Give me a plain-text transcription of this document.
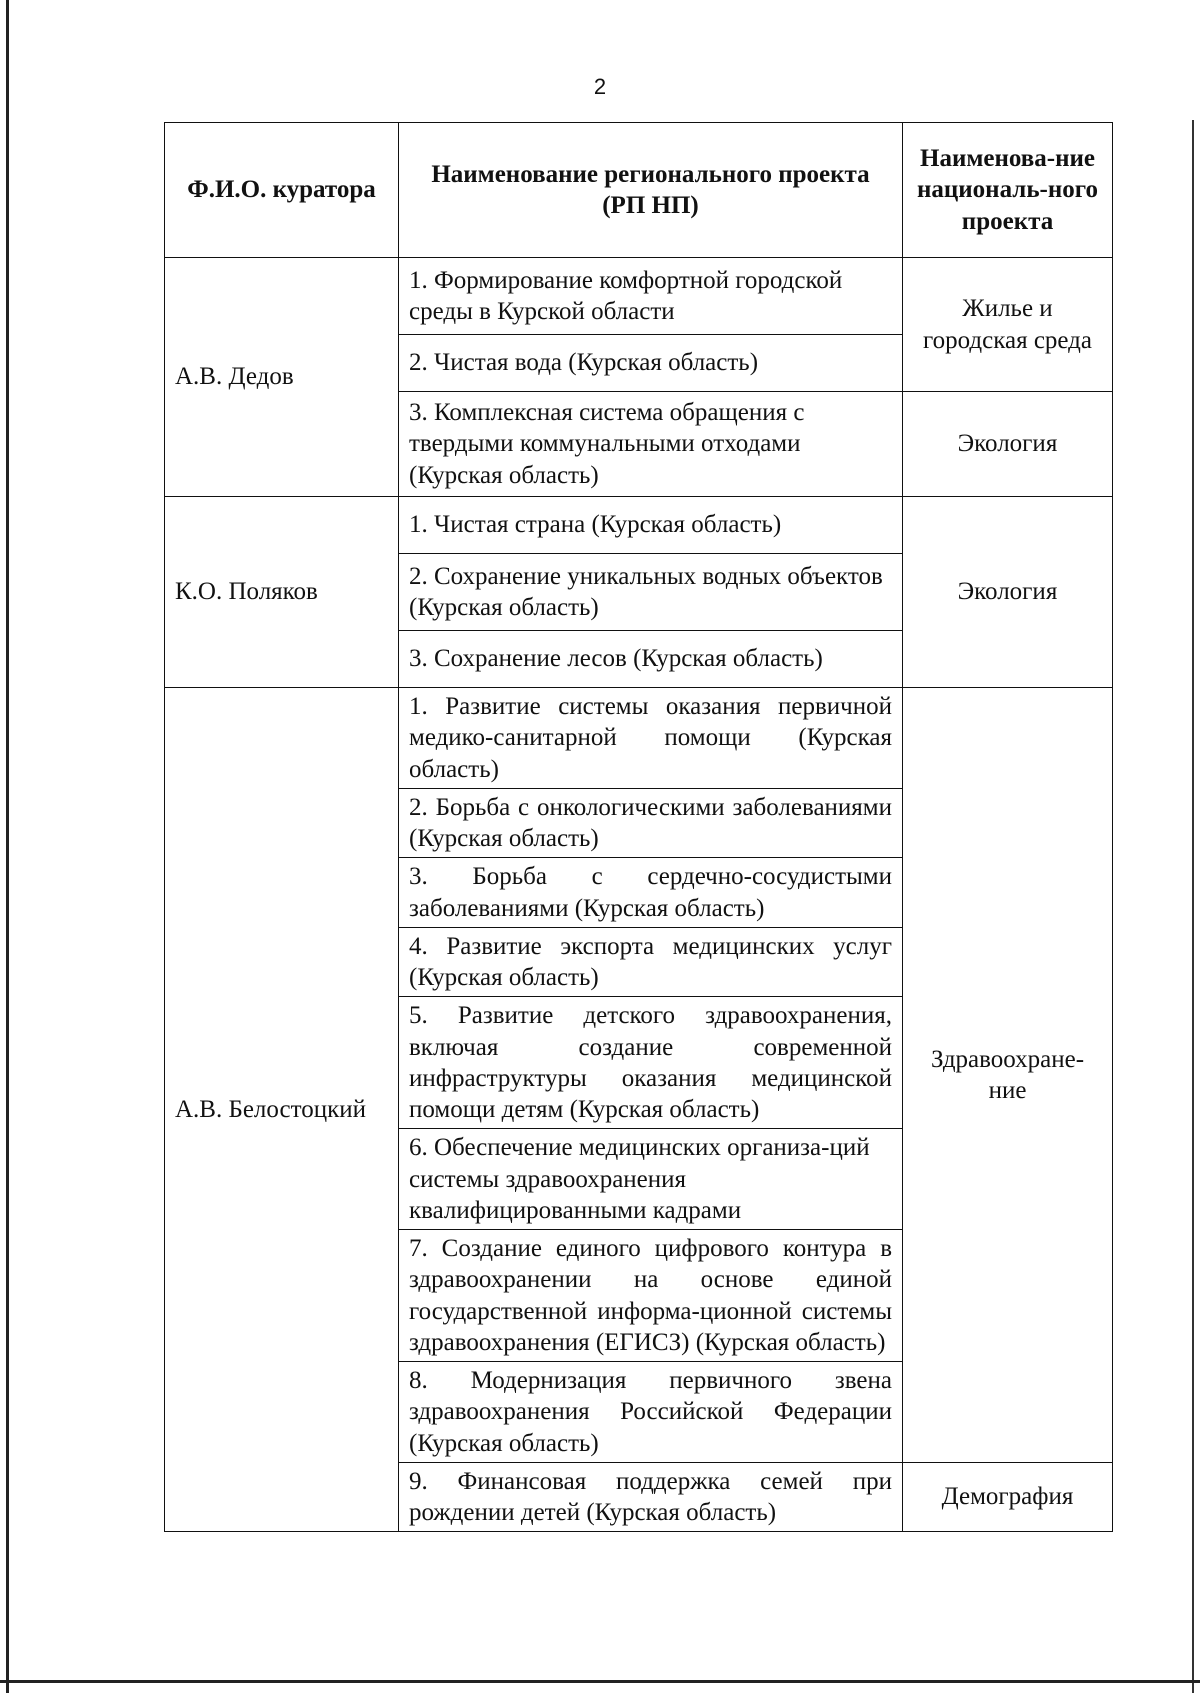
2
Ф.И.О. куратора	Наименование регионального проекта (РП НП)	Наименова-ние националь-ного проекта
А.В. Дедов	1. Формирование комфортной городской среды в Курской области	Жилье и городская среда
	2. Чистая вода (Курская область)	
	3. Комплексная система обращения с твердыми коммунальными отходами (Курская область)	Экология
К.О. Поляков	1. Чистая страна (Курская область)	Экология
	2. Сохранение уникальных водных объектов (Курская область)	
	3. Сохранение лесов (Курская область)	
А.В. Белостоцкий	1. Развитие системы оказания первичной медико-санитарной помощи (Курская область)	Здравоохране-ние
	2. Борьба с онкологическими заболеваниями (Курская область)	
	3. Борьба с сердечно-сосудистыми заболеваниями (Курская область)	
	4. Развитие экспорта медицинских услуг (Курская область)	
	5. Развитие детского здравоохранения, включая создание современной инфраструктуры оказания медицинской помощи детям (Курская область)	
	6. Обеспечение медицинских организа-ций системы здравоохранения квалифицированными кадрами	
	7. Создание единого цифрового контура в здравоохранении на основе единой государственной информа-ционной системы здравоохранения (ЕГИСЗ) (Курская область)	
	8. Модернизация первичного звена здравоохранения Российской Федерации (Курская область)	
	9. Финансовая поддержка семей при рождении детей (Курская область)	Демография
